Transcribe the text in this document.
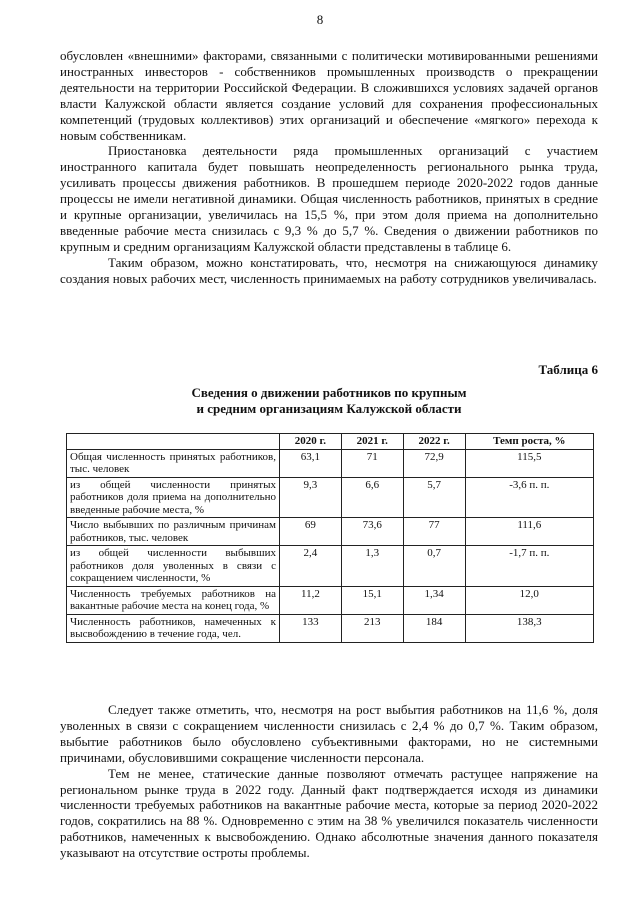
8

обусловлен «внешними» факторами, связанными с политически мотивированными решениями иностранных инвесторов - собственников промышленных производств о прекращении деятельности на территории Российской Федерации. В сложившихся условиях задачей органов власти Калужской области является создание условий для сохранения профессиональных компетенций (трудовых коллективов) этих организаций и обеспечение «мягкого» перехода к новым собственникам.

Приостановка деятельности ряда промышленных организаций с участием иностранного капитала будет повышать неопределенность регионального рынка труда, усиливать процессы движения работников. В прошедшем периоде 2020-2022 годов данные процессы не имели негативной динамики. Общая численность работников, принятых в средние и крупные организации, увеличилась на 15,5 %, при этом доля приема на дополнительно введенные рабочие места снизилась с 9,3 % до 5,7 %. Сведения о движении работников по крупным и средним организациям Калужской области представлены в таблице 6.

Таким образом, можно констатировать, что, несмотря на снижающуюся динамику создания новых рабочих мест, численность принимаемых на работу сотрудников увеличивалась.

Таблица 6
Сведения о движении работников по крупным
и средним организациям Калужской области
	2020 г.	2021 г.	2022 г.	Темп роста, %
Общая численность принятых работников, тыс. человек	63,1	71	72,9	115,5
из общей численности принятых работников доля приема на дополнительно введенные рабочие места, %	9,3	6,6	5,7	-3,6 п. п.
Число выбывших по различным причинам работников, тыс. человек	69	73,6	77	111,6
из общей численности выбывших работников доля уволенных в связи с сокращением численности, %	2,4	1,3	0,7	-1,7 п. п.
Численность требуемых работников на вакантные рабочие места на конец года, %	11,2	15,1	1,34	12,0
Численность работников, намеченных к высвобождению в течение года, чел.	133	213	184	138,3

Следует также отметить, что, несмотря на рост выбытия работников на 11,6 %, доля уволенных в связи с сокращением численности снизилась с 2,4 % до 0,7 %. Таким образом, выбытие работников было обусловлено субъективными факторами, но не системными причинами, обусловившими сокращение численности персонала.

Тем не менее, статические данные позволяют отмечать растущее напряжение на региональном рынке труда в 2022 году. Данный факт подтверждается исходя из динамики численности требуемых работников на вакантные рабочие места, которые за период 2020-2022 годов, сократились на 88 %. Одновременно с этим на 38 % увеличился показатель численности работников, намеченных к высвобождению. Однако абсолютные значения данного показателя указывают на отсутствие остроты проблемы.
